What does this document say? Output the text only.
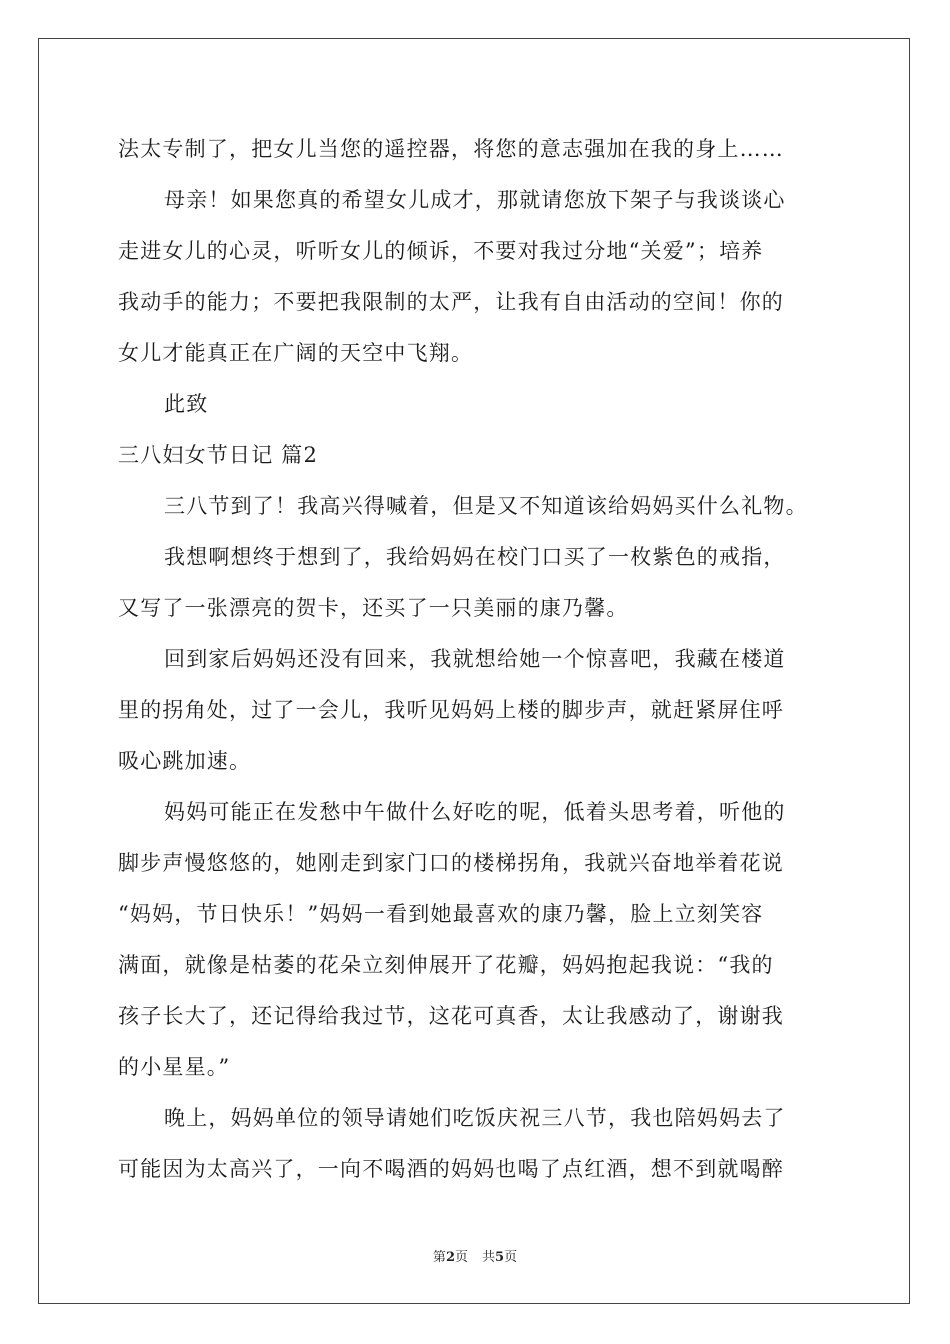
法太专制了，把女儿当您的遥控器，将您的意志强加在我的身上……
母亲！如果您真的希望女儿成才，那就请您放下架子与我谈谈心
走进女儿的心灵，听听女儿的倾诉，不要对我过分地“关爱”；培养
我动手的能力；不要把我限制的太严，让我有自由活动的空间！你的
女儿才能真正在广阔的天空中飞翔。
此致
三八妇女节日记 篇2
三八节到了！我高兴得喊着，但是又不知道该给妈妈买什么礼物。
我想啊想终于想到了，我给妈妈在校门口买了一枚紫色的戒指，
又写了一张漂亮的贺卡，还买了一只美丽的康乃馨。
回到家后妈妈还没有回来，我就想给她一个惊喜吧，我藏在楼道
里的拐角处，过了一会儿，我听见妈妈上楼的脚步声，就赶紧屏住呼
吸心跳加速。
妈妈可能正在发愁中午做什么好吃的呢，低着头思考着，听他的
脚步声慢悠悠的，她刚走到家门口的楼梯拐角，我就兴奋地举着花说
“妈妈，节日快乐！”妈妈一看到她最喜欢的康乃馨，脸上立刻笑容
满面，就像是枯萎的花朵立刻伸展开了花瓣，妈妈抱起我说：“我的
孩子长大了，还记得给我过节，这花可真香，太让我感动了，谢谢我
的小星星。”
晚上，妈妈单位的领导请她们吃饭庆祝三八节，我也陪妈妈去了
可能因为太高兴了，一向不喝酒的妈妈也喝了点红酒，想不到就喝醉
第2页 共5页
